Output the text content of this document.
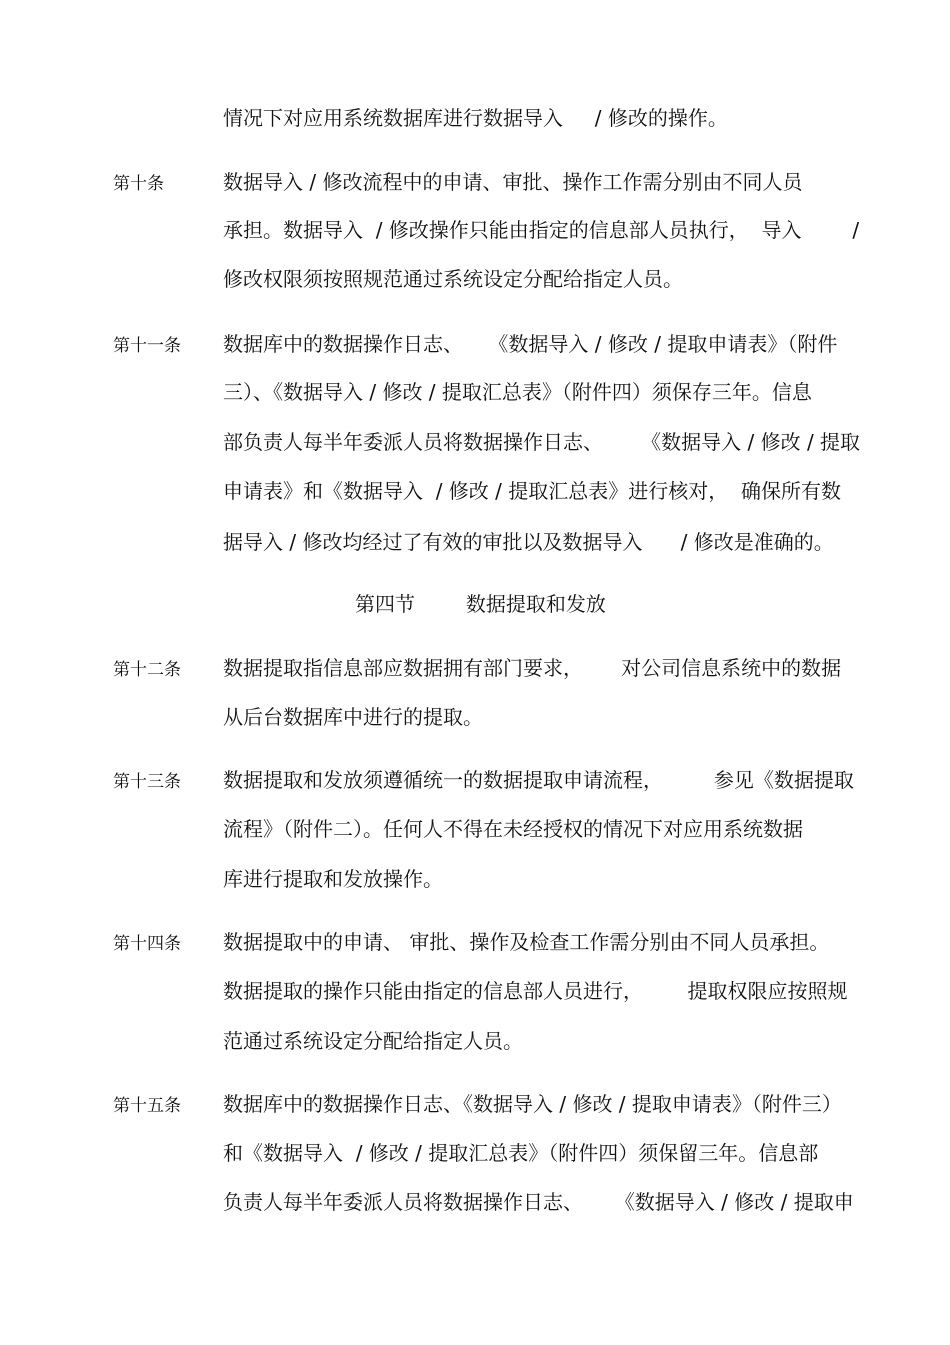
情况下对应用系统数据库进行数据导入     / 修改的操作。
第十条	数据导入 / 修改流程中的申请、审批、操作工作需分别由不同人员
承担。数据导入  / 修改操作只能由指定的信息部人员执行，  导入        /
修改权限须按照规范通过系统设定分配给指定人员。
第十一条 数据库中的数据操作日志、    《数据导入 / 修改 / 提取申请表》（附件
三）、《数据导入 / 修改 / 提取汇总表》（附件四）须保存三年。信息
部负责人每半年委派人员将数据操作日志、      《数据导入 / 修改 / 提取
申请表》和《数据导入  / 修改 / 提取汇总表》进行核对，  确保所有数
据导入 / 修改均经过了有效的审批以及数据导入      / 修改是准确的。
第四节        数据提取和发放
第十二条 数据提取指信息部应数据拥有部门要求，      对公司信息系统中的数据
从后台数据库中进行的提取。
第十三条 数据提取和发放须遵循统一的数据提取申请流程，        参见《数据提取
流程》（附件二）。任何人不得在未经授权的情况下对应用系统数据
库进行提取和发放操作。
第十四条 数据提取中的申请、 审批、操作及检查工作需分别由不同人员承担。
数据提取的操作只能由指定的信息部人员进行，       提取权限应按照规
范通过系统设定分配给指定人员。
第十五条 数据库中的数据操作日志、《数据导入 / 修改 / 提取申请表》（附件三）
和《数据导入  / 修改 / 提取汇总表》（附件四）须保留三年。信息部
负责人每半年委派人员将数据操作日志、     《数据导入 / 修改 / 提取申
